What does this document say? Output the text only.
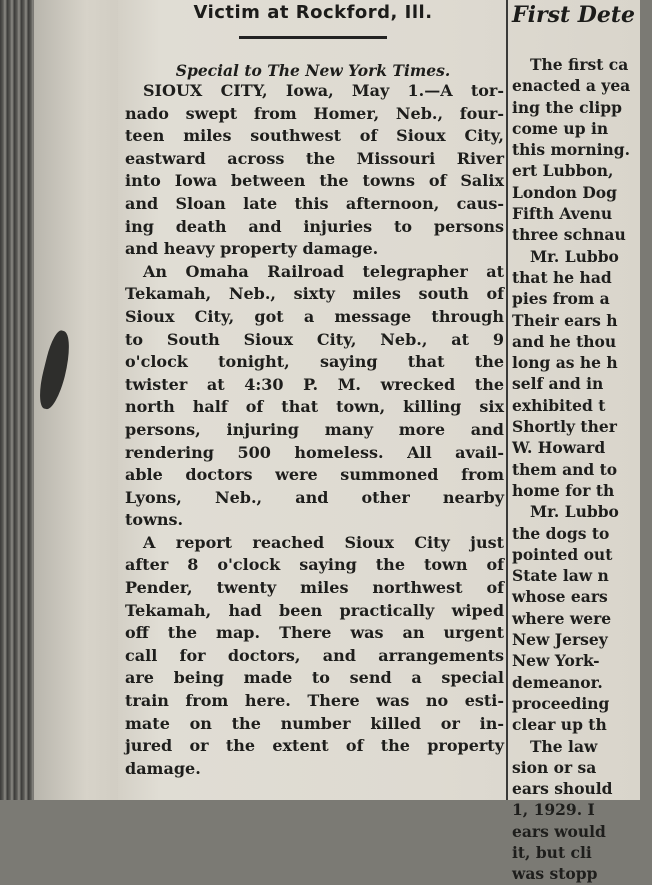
Victim at Rockford, Ill.
Special to The New York Times.
SIOUX CITY, Iowa, May 1.—A tor-
nado swept from Homer, Neb., four-
teen miles southwest of Sioux City,
eastward across the Missouri River
into Iowa between the towns of Salix
and Sloan late this afternoon, caus-
ing death and injuries to persons
and heavy property damage.
An Omaha Railroad telegrapher at
Tekamah, Neb., sixty miles south of
Sioux City, got a message through
to South Sioux City, Neb., at 9
o'clock tonight, saying that the
twister at 4:30 P. M. wrecked the
north half of that town, killing six
persons, injuring many more and
rendering 500 homeless. All avail-
able doctors were summoned from
Lyons, Neb., and other nearby
towns.
A report reached Sioux City just
after 8 o'clock saying the town of
Pender, twenty miles northwest of
Tekamah, had been practically wiped
off the map. There was an urgent
call for doctors, and arrangements
are being made to send a special
train from here. There was no esti-
mate on the number killed or in-
jured or the extent of the property
damage.
First Dete
The first ca
enacted a yea
ing the clipp
come up in
this morning.
ert Lubbon,
London Dog
Fifth Avenu
three schnau
Mr. Lubbo
that he had
pies from a
Their ears h
and he thou
long as he h
self and in
exhibited t
Shortly ther
W. Howard
them and to
home for th
Mr. Lubbo
the dogs to
pointed out
State law n
whose ears
where were
New Jersey
New York-
demeanor.
proceeding
clear up th
The law
sion or sa
ears should
1, 1929. I
ears would
it, but cli
was stopp
